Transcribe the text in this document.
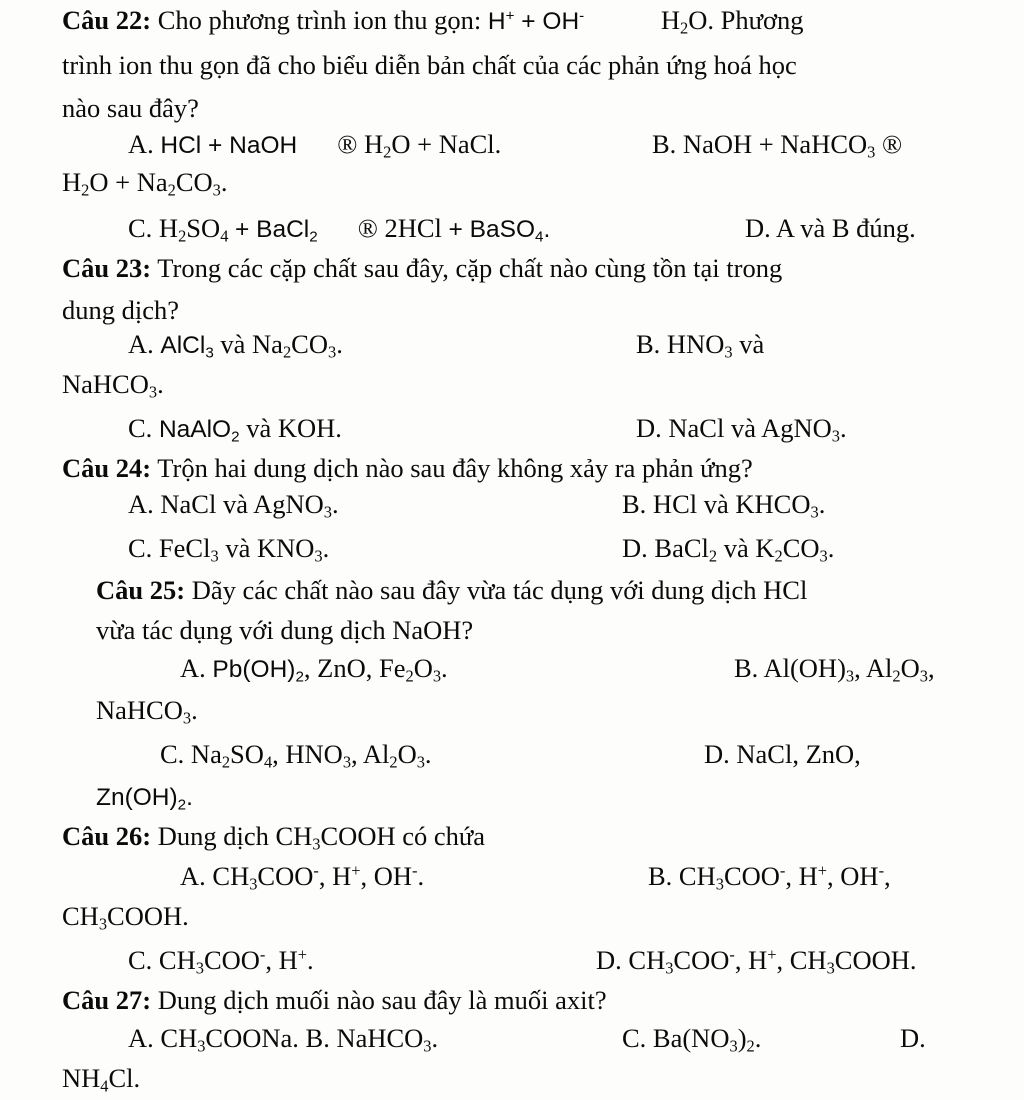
Câu 22: Cho phương trình ion thu gọn: H+ + OH-	$H_2O$. Phương
trình ion thu gọn đã cho biểu diễn bản chất của các phản ứng hoá học
nào sau đây?
A. HCl + NaOH ® $H_2O$ + NaCl.	B. NaOH + NaHCO$_3$ ®
$H_2O + Na_2CO_3$.
C. $H_2SO_4$ + BaCl$_2$ ® 2HCl + BaSO$_4$.	D. A và B đúng.
Câu 23: Trong các cặp chất sau đây, cặp chất nào cùng tồn tại trong
dung dịch?
A. AlCl$_3$ và $Na_2CO_3$.	B. $HNO_3$ và
NaHCO$_3$.
C. NaAlO$_2$ và KOH.	D. NaCl và AgNO$_3$.
Câu 24: Trộn hai dung dịch nào sau đây không xảy ra phản ứng?
A. NaCl và AgNO$_3$.	B. HCl và $KHCO_3$.
C. FeCl$_3$ và $KNO_3$.	D. BaCl$_2$ và $K_2CO_3$.
Câu 25: Dãy các chất nào sau đây vừa tác dụng với dung dịch HCl
vừa tác dụng với dung dịch NaOH?
A. $Pb(OH)_2$, ZnO, $Fe_2O_3$.	B. $Al(OH)_3$, $Al_2O_3$,
NaHCO$_3$.
C. $Na_2SO_4$, $HNO_3$, $Al_2O_3$.	D. NaCl, ZnO,
$Zn(OH)_2$.
Câu 26: Dung dịch $CH_3COOH$ có chứa
A. $CH_3COO^-$, H+, OH-.	B. $CH_3COO^-$, H+, OH-,
$CH_3COOH$.
C. $CH_3COO^-$, H+.	D. $CH_3COO^-$, H+, $CH_3COOH$.
Câu 27: Dung dịch muối nào sau đây là muối axit?
A. $CH_3COONa$. B. NaHCO$_3$.	C. $Ba(NO_3)_2$.	D.
$NH_4Cl$.
